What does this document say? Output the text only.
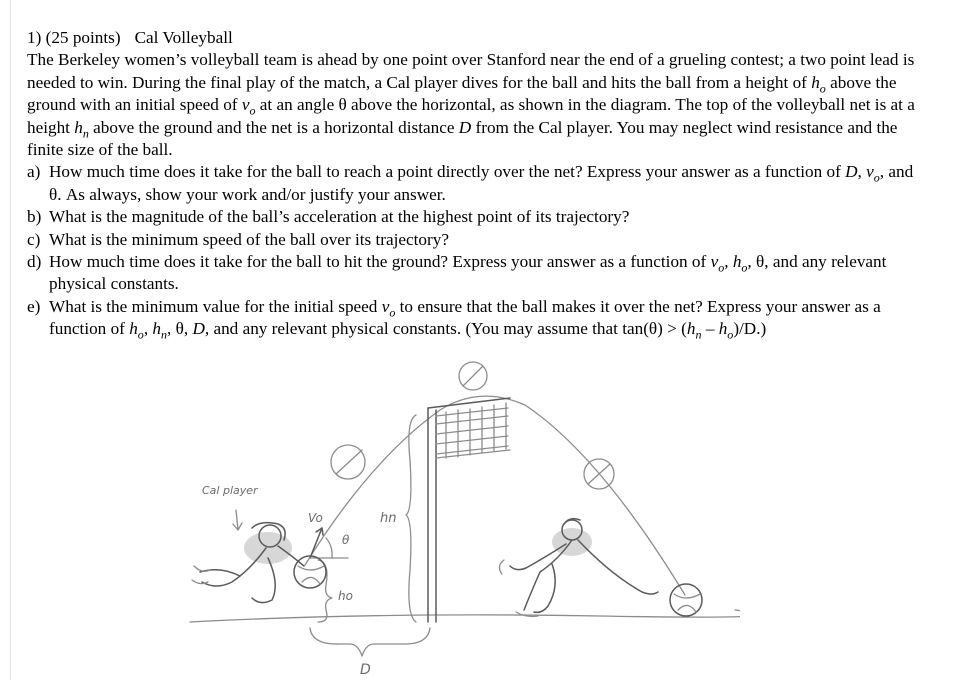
1) (25 points) Cal Volleyball

The Berkeley women’s volleyball team is ahead by one point over Stanford near the end of a grueling contest; a two point lead is needed to win. During the final play of the match, a Cal player dives for the ball and hits the ball from a height of $h_o$ above the ground with an initial speed of $v_o$ at an angle θ above the horizontal, as shown in the diagram. The top of the volleyball net is at a height $h_n$ above the ground and the net is a horizontal distance D from the Cal player. You may neglect wind resistance and the finite size of the ball.

a) How much time does it take for the ball to reach a point directly over the net? Express your answer as a function of D, $v_o$, and θ. As always, show your work and/or justify your answer.
b) What is the magnitude of the ball’s acceleration at the highest point of its trajectory?
c) What is the minimum speed of the ball over its trajectory?
d) How much time does it take for the ball to hit the ground? Express your answer as a function of $v_o$, $h_o$, θ, and any relevant physical constants.
e) What is the minimum value for the initial speed $v_o$ to ensure that the ball makes it over the net? Express your answer as a function of $h_o$, $h_n$, θ, D, and any relevant physical constants. (You may assume that $\tan(\theta) > (h_n - h_o)/D$.)
hn
D
ho
Vo
θ
Cal player
